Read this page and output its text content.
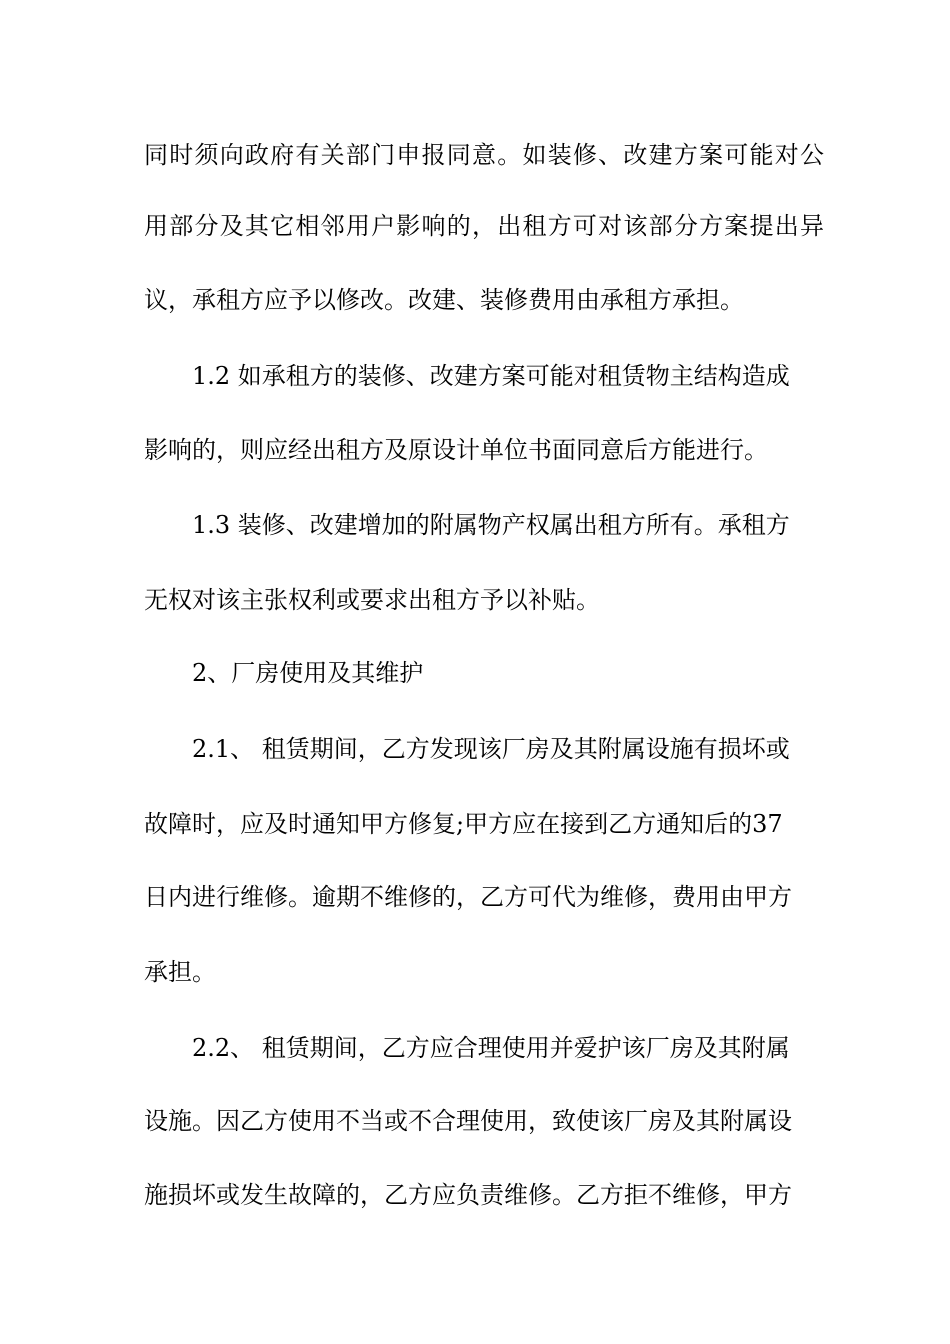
同时须向政府有关部门申报同意。如装修、改建方案可能对公
用部分及其它相邻用户影响的，出租方可对该部分方案提出异
议，承租方应予以修改。改建、装修费用由承租方承担。
1.2 如承租方的装修、改建方案可能对租赁物主结构造成
影响的，则应经出租方及原设计单位书面同意后方能进行。
1.3 装修、改建增加的附属物产权属出租方所有。承租方
无权对该主张权利或要求出租方予以补贴。
2、厂房使用及其维护
2.1、 租赁期间，乙方发现该厂房及其附属设施有损坏或
故障时，应及时通知甲方修复;甲方应在接到乙方通知后的37
日内进行维修。逾期不维修的，乙方可代为维修，费用由甲方
承担。
2.2、 租赁期间，乙方应合理使用并爱护该厂房及其附属
设施。因乙方使用不当或不合理使用，致使该厂房及其附属设
施损坏或发生故障的，乙方应负责维修。乙方拒不维修，甲方
